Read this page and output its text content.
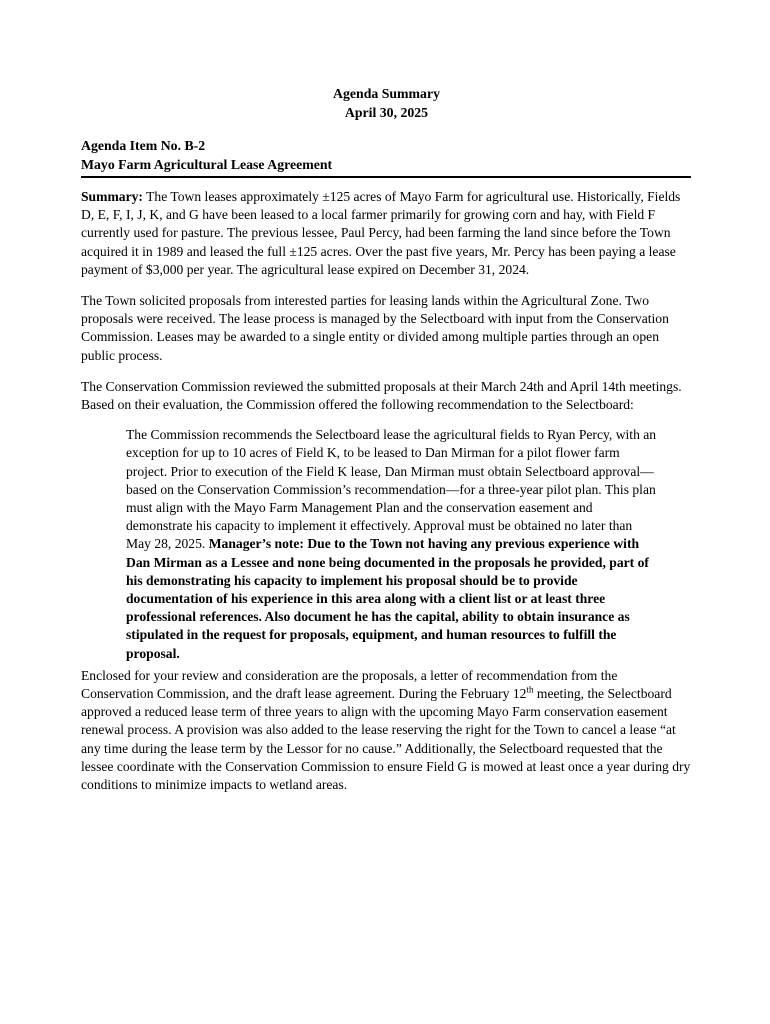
Agenda Summary
April 30, 2025
Agenda Item No. B-2
Mayo Farm Agricultural Lease Agreement

Summary: The Town leases approximately ±125 acres of Mayo Farm for agricultural use. Historically, Fields D, E, F, I, J, K, and G have been leased to a local farmer primarily for growing corn and hay, with Field F currently used for pasture. The previous lessee, Paul Percy, had been farming the land since before the Town acquired it in 1989 and leased the full ±125 acres. Over the past five years, Mr. Percy has been paying a lease payment of $3,000 per year. The agricultural lease expired on December 31, 2024.

The Town solicited proposals from interested parties for leasing lands within the Agricultural Zone. Two proposals were received. The lease process is managed by the Selectboard with input from the Conservation Commission. Leases may be awarded to a single entity or divided among multiple parties through an open public process.

The Conservation Commission reviewed the submitted proposals at their March 24th and April 14th meetings. Based on their evaluation, the Commission offered the following recommendation to the Selectboard:

The Commission recommends the Selectboard lease the agricultural fields to Ryan Percy, with an exception for up to 10 acres of Field K, to be leased to Dan Mirman for a pilot flower farm project. Prior to execution of the Field K lease, Dan Mirman must obtain Selectboard approval—based on the Conservation Commission’s recommendation—for a three-year pilot plan. This plan must align with the Mayo Farm Management Plan and the conservation easement and demonstrate his capacity to implement it effectively. Approval must be obtained no later than May 28, 2025. Manager’s note: Due to the Town not having any previous experience with Dan Mirman as a Lessee and none being documented in the proposals he provided, part of his demonstrating his capacity to implement his proposal should be to provide documentation of his experience in this area along with a client list or at least three professional references. Also document he has the capital, ability to obtain insurance as stipulated in the request for proposals, equipment, and human resources to fulfill the proposal.

Enclosed for your review and consideration are the proposals, a letter of recommendation from the Conservation Commission, and the draft lease agreement. During the February 12th meeting, the Selectboard approved a reduced lease term of three years to align with the upcoming Mayo Farm conservation easement renewal process. A provision was also added to the lease reserving the right for the Town to cancel a lease “at any time during the lease term by the Lessor for no cause.” Additionally, the Selectboard requested that the lessee coordinate with the Conservation Commission to ensure Field G is mowed at least once a year during dry conditions to minimize impacts to wetland areas.
